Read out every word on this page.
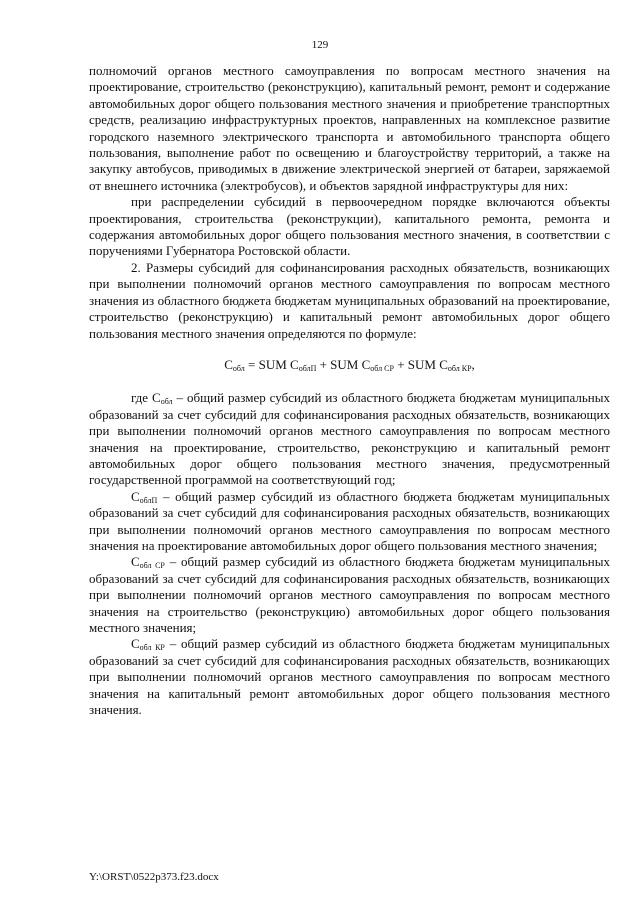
129

полномочий органов местного самоуправления по вопросам местного значения на проектирование, строительство (реконструкцию), капитальный ремонт, ремонт и содержание автомобильных дорог общего пользования местного значения и приобретение транспортных средств, реализацию инфраструктурных проектов, направленных на комплексное развитие городского наземного электрического транспорта и автомобильного транспорта общего пользования, выполнение работ по освещению и благоустройству территорий, а также на закупку автобусов, приводимых в движение электрической энергией от батареи, заряжаемой от внешнего источника (электробусов), и объектов зарядной инфраструктуры для них:

при распределении субсидий в первоочередном порядке включаются объекты проектирования, строительства (реконструкции), капитального ремонта, ремонта и содержания автомобильных дорог общего пользования местного значения, в соответствии с поручениями Губернатора Ростовской области.

2. Размеры субсидий для софинансирования расходных обязательств, возникающих при выполнении полномочий органов местного самоуправления по вопросам местного значения из областного бюджета бюджетам муниципальных образований на проектирование, строительство (реконструкцию) и капитальный ремонт автомобильных дорог общего пользования местного значения определяются по формуле:

$С_{обл}$ = SUM $С_{облП}$ + SUM $С_{обл СР}$ + SUM $С_{обл КР}$,

где $С_{обл}$ – общий размер субсидий из областного бюджета бюджетам муниципальных образований за счет субсидий для софинансирования расходных обязательств, возникающих при выполнении полномочий органов местного самоуправления по вопросам местного значения на проектирование, строительство, реконструкцию и капитальный ремонт автомобильных дорог общего пользования местного значения, предусмотренный государственной программой на соответствующий год;

$С_{облП}$ – общий размер субсидий из областного бюджета бюджетам муниципальных образований за счет субсидий для софинансирования расходных обязательств, возникающих при выполнении полномочий органов местного самоуправления по вопросам местного значения на проектирование автомобильных дорог общего пользования местного значения;

$С_{обл СР}$ – общий размер субсидий из областного бюджета бюджетам муниципальных образований за счет субсидий для софинансирования расходных обязательств, возникающих при выполнении полномочий органов местного самоуправления по вопросам местного значения на строительство (реконструкцию) автомобильных дорог общего пользования местного значения;

$С_{обл КР}$ – общий размер субсидий из областного бюджета бюджетам муниципальных образований за счет субсидий для софинансирования расходных обязательств, возникающих при выполнении полномочий органов местного самоуправления по вопросам местного значения на капитальный ремонт автомобильных дорог общего пользования местного значения.

Y:\ORST\0522p373.f23.docx
